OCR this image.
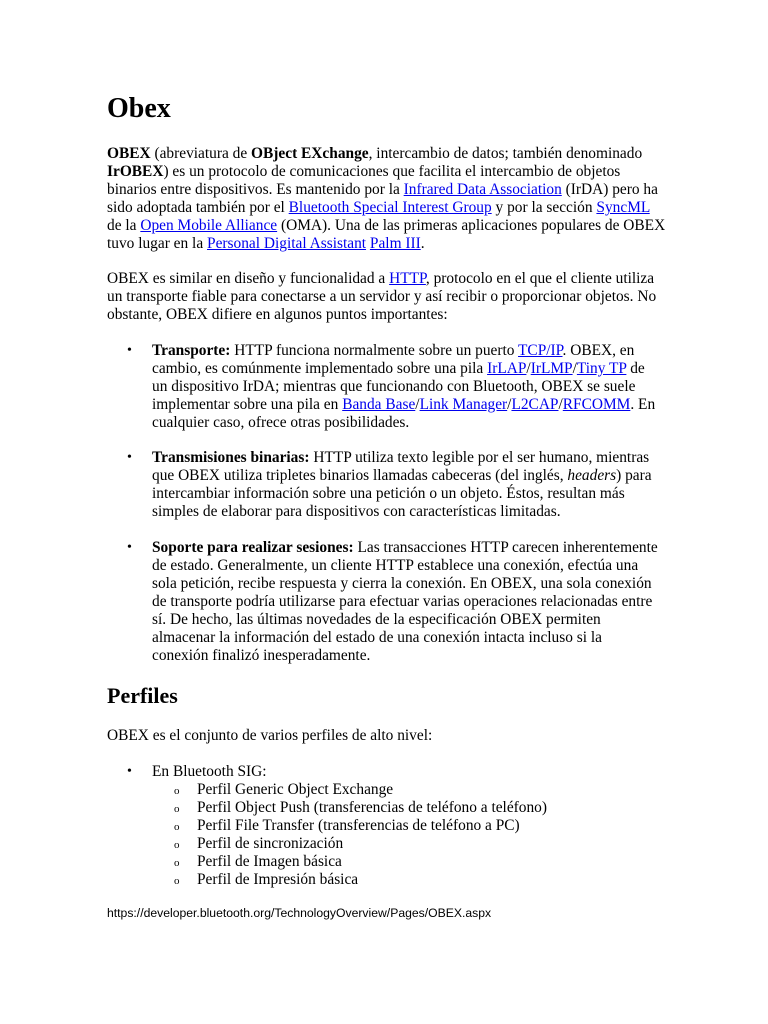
Obex

OBEX (abreviatura de OBject EXchange, intercambio de datos; también denominado IrOBEX) es un protocolo de comunicaciones que facilita el intercambio de objetos binarios entre dispositivos. Es mantenido por la Infrared Data Association (IrDA) pero ha sido adoptada también por el Bluetooth Special Interest Group y por la sección SyncML de la Open Mobile Alliance (OMA). Una de las primeras aplicaciones populares de OBEX tuvo lugar en la Personal Digital Assistant Palm III.

OBEX es similar en diseño y funcionalidad a HTTP, protocolo en el que el cliente utiliza un transporte fiable para conectarse a un servidor y así recibir o proporcionar objetos. No obstante, OBEX difiere en algunos puntos importantes:

• Transporte: HTTP funciona normalmente sobre un puerto TCP/IP. OBEX, en cambio, es comúnmente implementado sobre una pila IrLAP/IrLMP/Tiny TP de un dispositivo IrDA; mientras que funcionando con Bluetooth, OBEX se suele implementar sobre una pila en Banda Base/Link Manager/L2CAP/RFCOMM. En cualquier caso, ofrece otras posibilidades.
• Transmisiones binarias: HTTP utiliza texto legible por el ser humano, mientras que OBEX utiliza tripletes binarios llamadas cabeceras (del inglés, headers) para intercambiar información sobre una petición o un objeto. Éstos, resultan más simples de elaborar para dispositivos con características limitadas.
• Soporte para realizar sesiones: Las transacciones HTTP carecen inherentemente de estado. Generalmente, un cliente HTTP establece una conexión, efectúa una sola petición, recibe respuesta y cierra la conexión. En OBEX, una sola conexión de transporte podría utilizarse para efectuar varias operaciones relacionadas entre sí. De hecho, las últimas novedades de la especificación OBEX permiten almacenar la información del estado de una conexión intacta incluso si la conexión finalizó inesperadamente.
Perfiles

OBEX es el conjunto de varios perfiles de alto nivel:

• En Bluetooth SIG:
o Perfil Generic Object Exchange
o Perfil Object Push (transferencias de teléfono a teléfono)
o Perfil File Transfer (transferencias de teléfono a PC)
o Perfil de sincronización
o Perfil de Imagen básica
o Perfil de Impresión básica
https://developer.bluetooth.org/TechnologyOverview/Pages/OBEX.aspx
